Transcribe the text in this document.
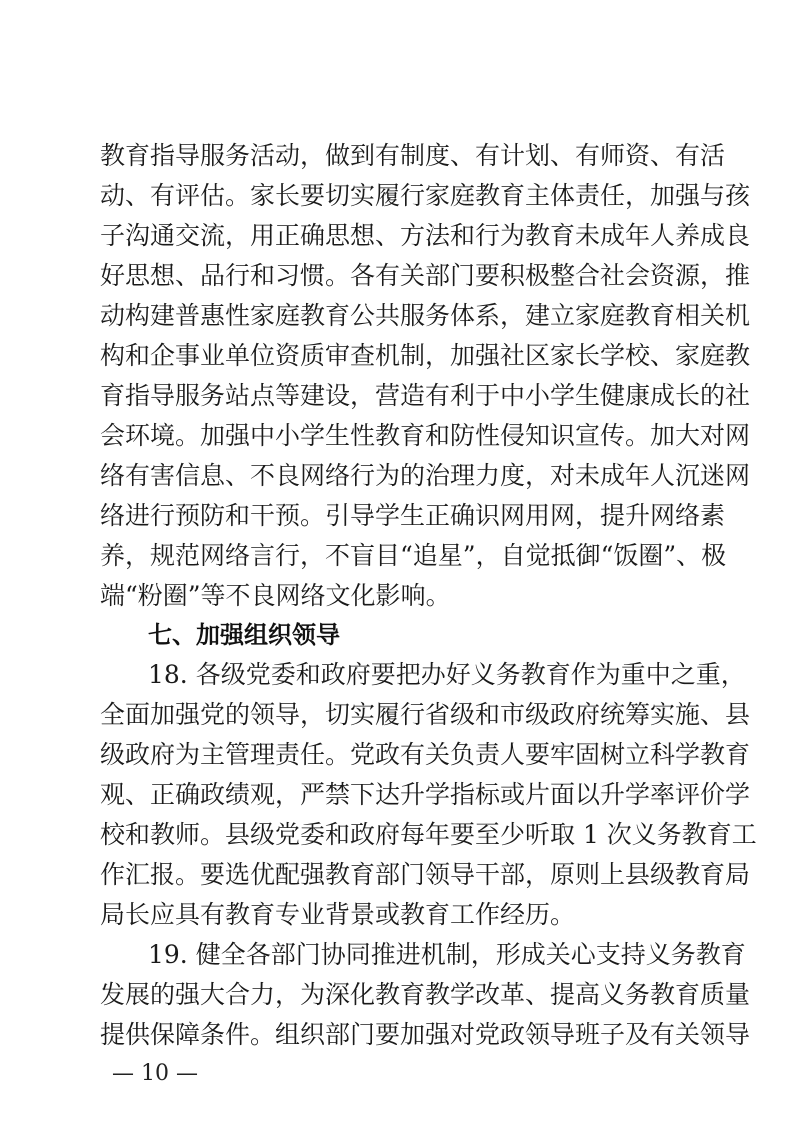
教育指导服务活动，做到有制度、有计划、有师资、有活
动、有评估。家长要切实履行家庭教育主体责任，加强与孩
子沟通交流，用正确思想、方法和行为教育未成年人养成良
好思想、品行和习惯。各有关部门要积极整合社会资源，推
动构建普惠性家庭教育公共服务体系，建立家庭教育相关机
构和企事业单位资质审查机制，加强社区家长学校、家庭教
育指导服务站点等建设，营造有利于中小学生健康成长的社
会环境。加强中小学生性教育和防性侵知识宣传。加大对网
络有害信息、不良网络行为的治理力度，对未成年人沉迷网
络进行预防和干预。引导学生正确识网用网，提升网络素
养，规范网络言行，不盲目“追星”，自觉抵御“饭圈”、极
端“粉圈”等不良网络文化影响。
七、加强组织领导
18. 各级党委和政府要把办好义务教育作为重中之重，
全面加强党的领导，切实履行省级和市级政府统筹实施、县
级政府为主管理责任。党政有关负责人要牢固树立科学教育
观、正确政绩观，严禁下达升学指标或片面以升学率评价学
校和教师。县级党委和政府每年要至少听取 1 次义务教育工
作汇报。要选优配强教育部门领导干部，原则上县级教育局
局长应具有教育专业背景或教育工作经历。
19. 健全各部门协同推进机制，形成关心支持义务教育
发展的强大合力，为深化教育教学改革、提高义务教育质量
提供保障条件。组织部门要加强对党政领导班子及有关领导
— 10 —
